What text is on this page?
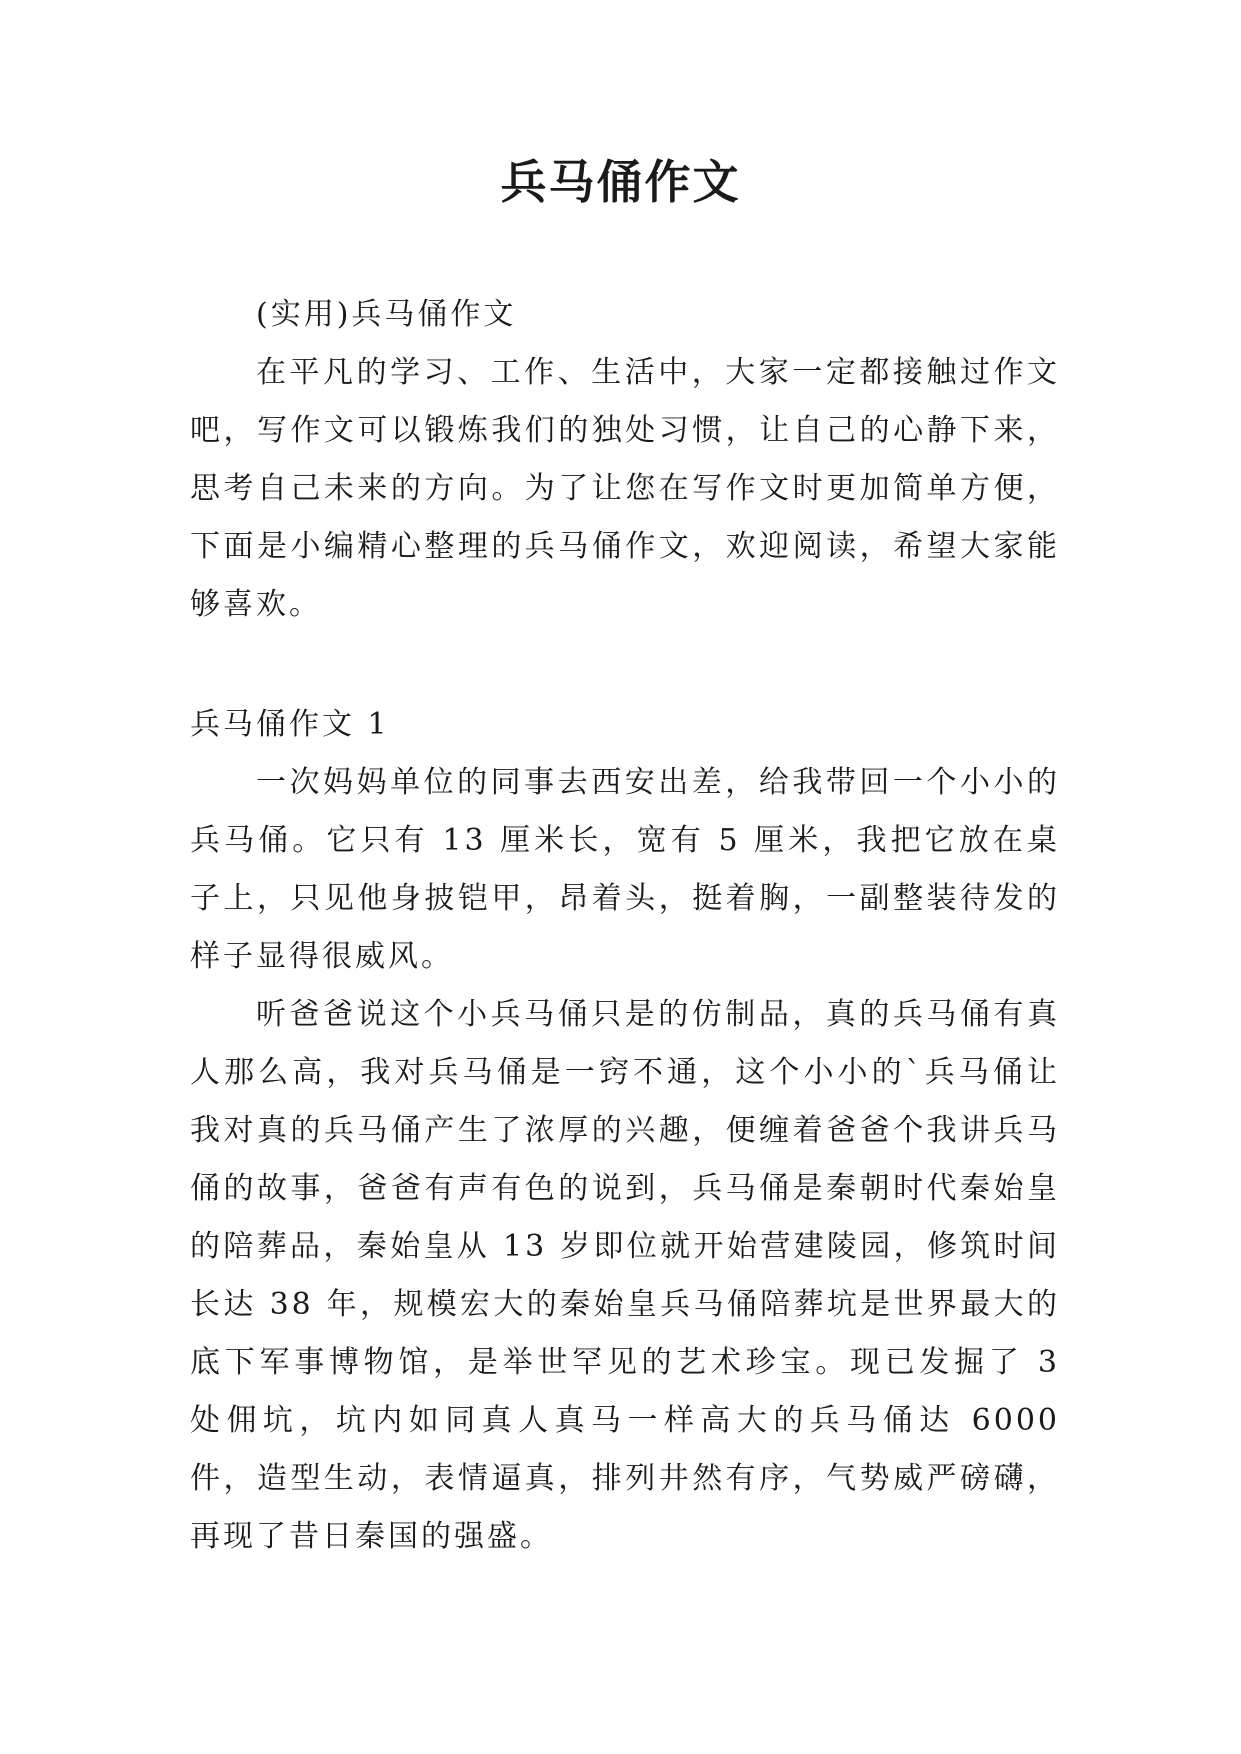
兵马俑作文

(实用)兵马俑作文

在平凡的学习、工作、生活中，大家一定都接触过作文吧，写作文可以锻炼我们的独处习惯，让自己的心静下来，思考自己未来的方向。为了让您在写作文时更加简单方便，下面是小编精心整理的兵马俑作文，欢迎阅读，希望大家能够喜欢。

兵马俑作文 1

一次妈妈单位的同事去西安出差，给我带回一个小小的兵马俑。它只有 13 厘米长，宽有 5 厘米，我把它放在桌子上，只见他身披铠甲，昂着头，挺着胸，一副整装待发的样子显得很威风。

听爸爸说这个小兵马俑只是的仿制品，真的兵马俑有真人那么高，我对兵马俑是一窍不通，这个小小的`兵马俑让我对真的兵马俑产生了浓厚的兴趣，便缠着爸爸个我讲兵马俑的故事，爸爸有声有色的说到，兵马俑是秦朝时代秦始皇的陪葬品，秦始皇从 13 岁即位就开始营建陵园，修筑时间长达 38 年，规模宏大的秦始皇兵马俑陪葬坑是世界最大的底下军事博物馆，是举世罕见的艺术珍宝。现已发掘了 3 处佣坑，坑内如同真人真马一样高大的兵马俑达 6000 件，造型生动，表情逼真，排列井然有序，气势威严磅礴，再现了昔日秦国的强盛。
